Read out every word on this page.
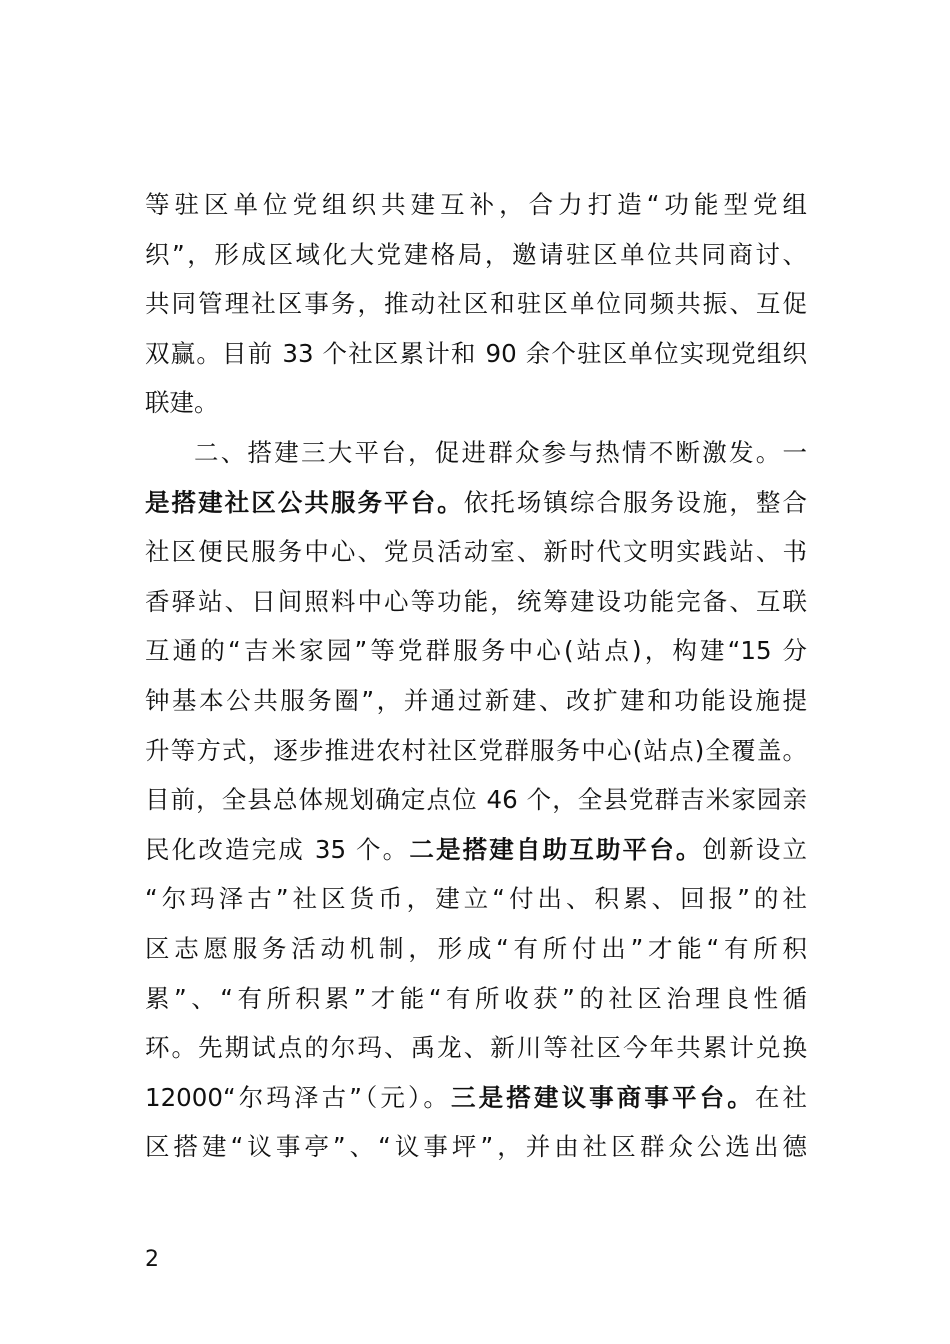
等驻区单位党组织共建互补，合力打造“功能型党组
织”，形成区域化大党建格局，邀请驻区单位共同商讨、
共同管理社区事务，推动社区和驻区单位同频共振、互促
双赢。目前 33 个社区累计和 90 余个驻区单位实现党组织
联建。
二、搭建三大平台，促进群众参与热情不断激发。一
是搭建社区公共服务平台。依托场镇综合服务设施，整合
社区便民服务中心、党员活动室、新时代文明实践站、书
香驿站、日间照料中心等功能，统筹建设功能完备、互联
互通的“吉米家园”等党群服务中心(站点)，构建“15 分
钟基本公共服务圈”，并通过新建、改扩建和功能设施提
升等方式，逐步推进农村社区党群服务中心(站点)全覆盖。
目前，全县总体规划确定点位 46 个，全县党群吉米家园亲
民化改造完成 35 个。二是搭建自助互助平台。创新设立
“尔玛泽古”社区货币，建立“付出、积累、回报”的社
区志愿服务活动机制，形成“有所付出”才能“有所积
累”、“有所积累”才能“有所收获”的社区治理良性循
环。先期试点的尔玛、禹龙、新川等社区今年共累计兑换
12000“尔玛泽古”（元）。三是搭建议事商事平台。在社
区搭建“议事亭”、“议事坪”，并由社区群众公选出德
2
